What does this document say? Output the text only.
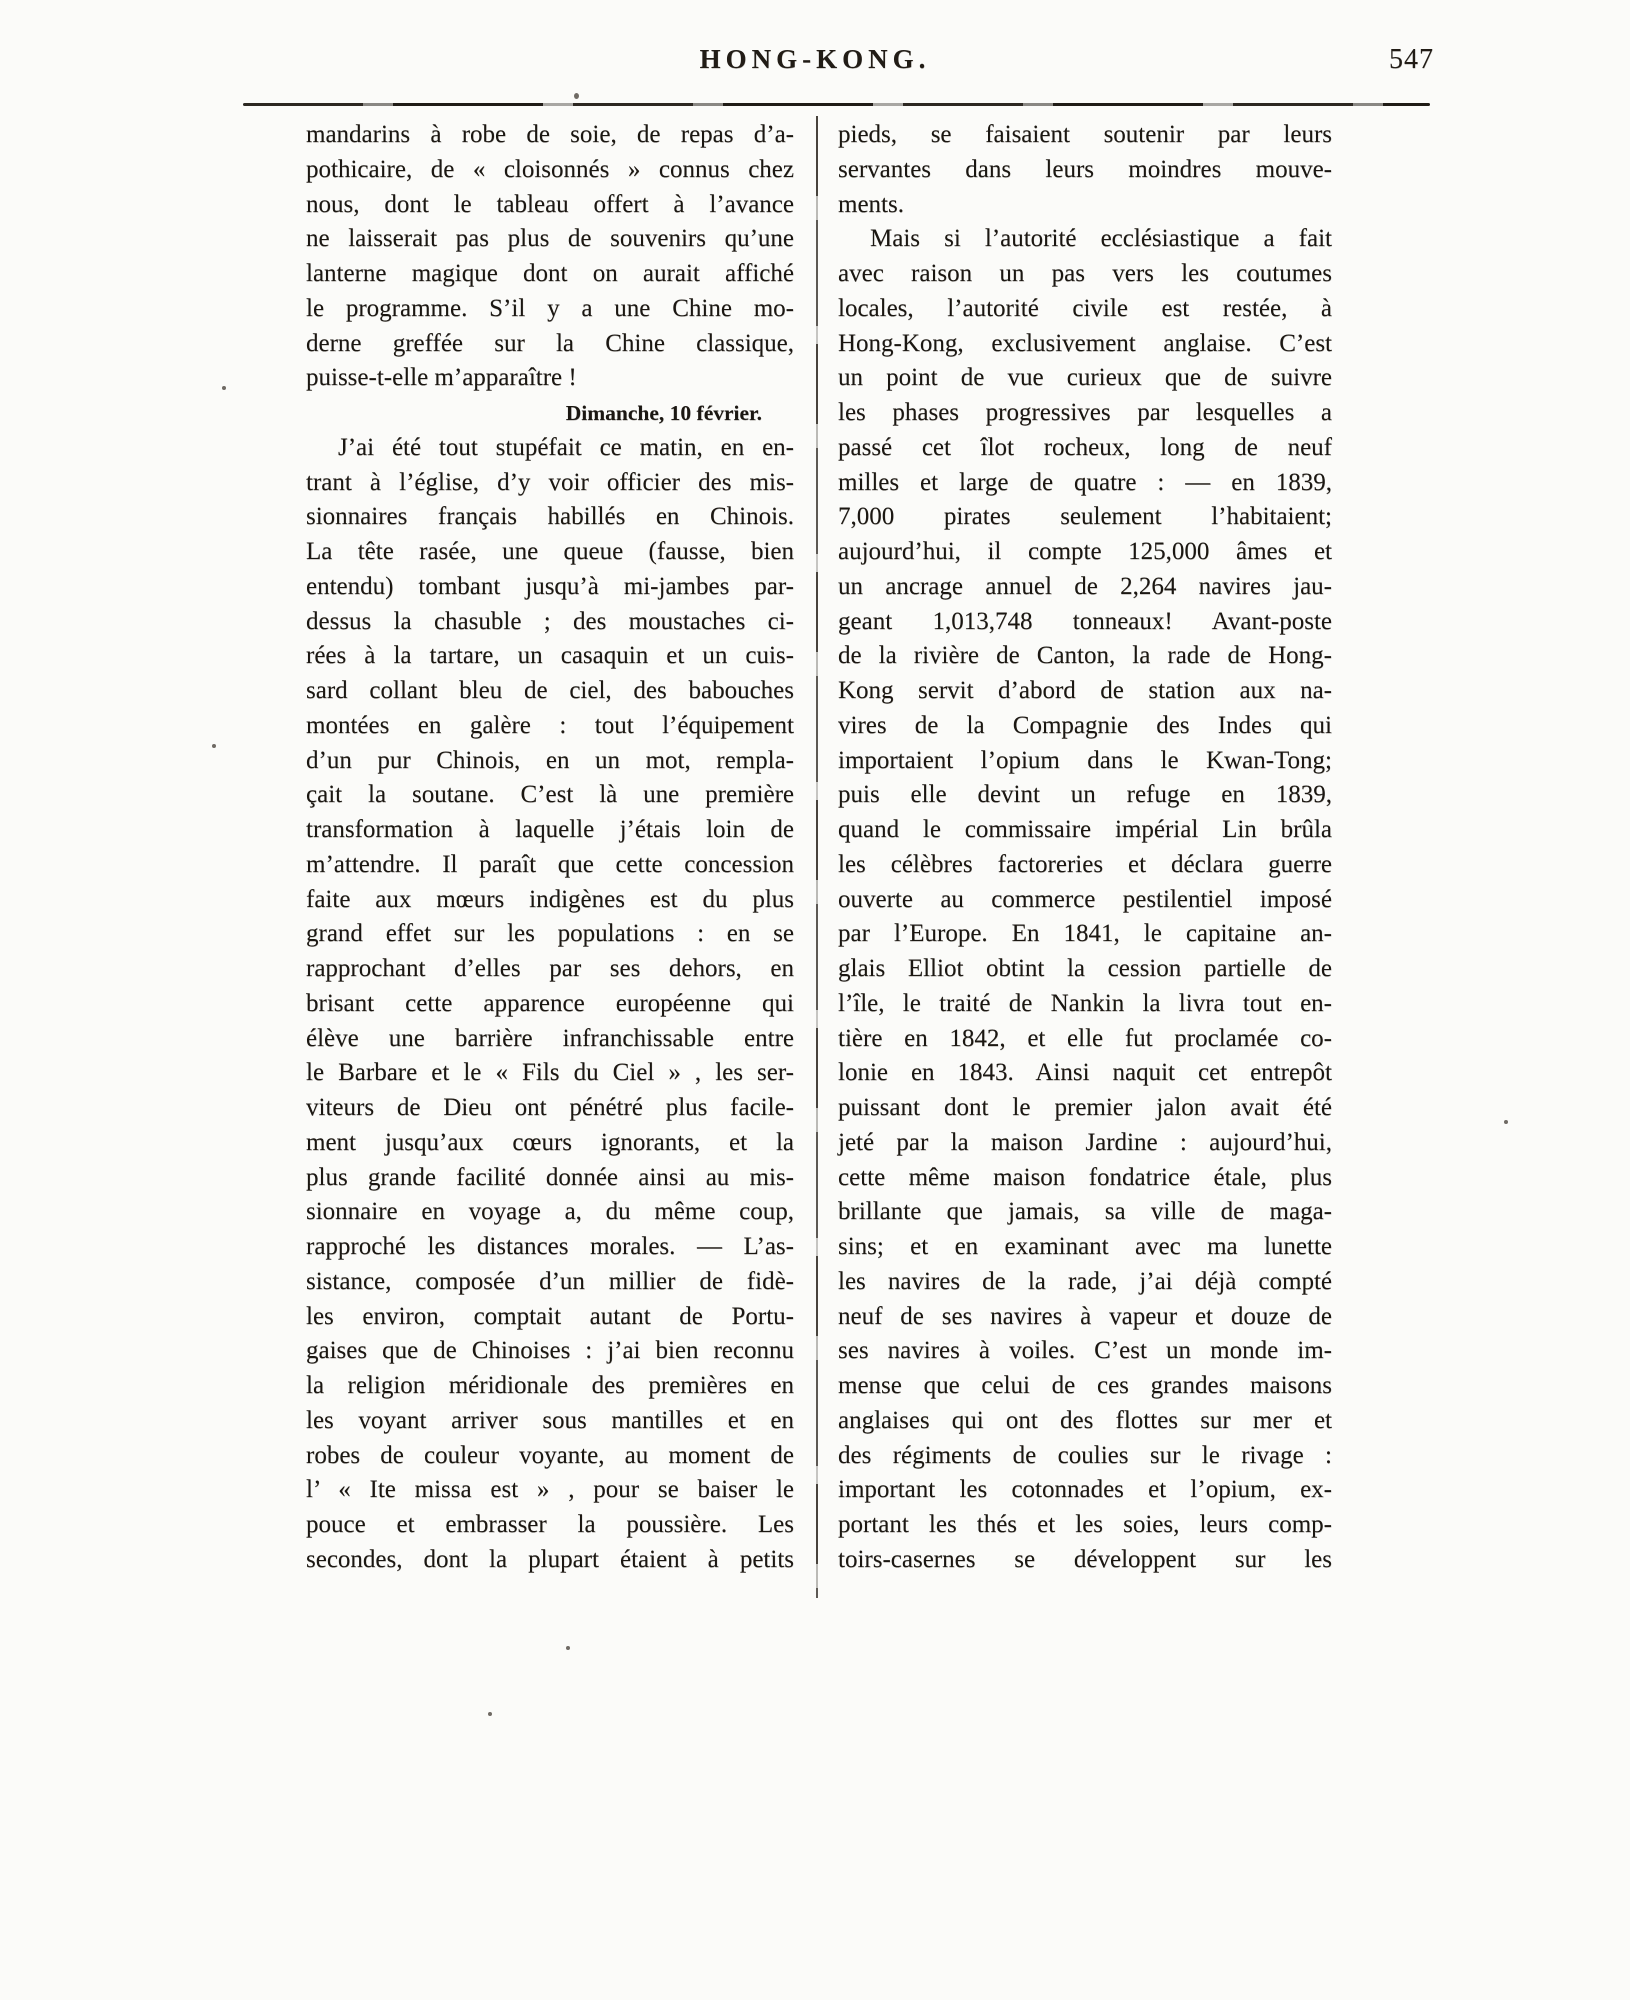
HONG-KONG.	547
mandarins à robe de soie, de repas d’a-
pothicaire, de « cloisonnés » connus chez
nous, dont le tableau offert à l’avance
ne laisserait pas plus de souvenirs qu’une
lanterne magique dont on aurait affiché
le programme. S’il y a une Chine mo-
derne greffée sur la Chine classique,
puisse-t-elle m’apparaître !
Dimanche, 10 février.
J’ai été tout stupéfait ce matin, en en-
trant à l’église, d’y voir officier des mis-
sionnaires français habillés en Chinois.
La tête rasée, une queue (fausse, bien
entendu) tombant jusqu’à mi-jambes par-
dessus la chasuble ; des moustaches ci-
rées à la tartare, un casaquin et un cuis-
sard collant bleu de ciel, des babouches
montées en galère : tout l’équipement
d’un pur Chinois, en un mot, rempla-
çait la soutane. C’est là une première
transformation à laquelle j’étais loin de
m’attendre. Il paraît que cette concession
faite aux mœurs indigènes est du plus
grand effet sur les populations : en se
rapprochant d’elles par ses dehors, en
brisant cette apparence européenne qui
élève une barrière infranchissable entre
le Barbare et le « Fils du Ciel » , les ser-
viteurs de Dieu ont pénétré plus facile-
ment jusqu’aux cœurs ignorants, et la
plus grande facilité donnée ainsi au mis-
sionnaire en voyage a, du même coup,
rapproché les distances morales. — L’as-
sistance, composée d’un millier de fidè-
les environ, comptait autant de Portu-
gaises que de Chinoises : j’ai bien reconnu
la religion méridionale des premières en
les voyant arriver sous mantilles et en
robes de couleur voyante, au moment de
l’ « Ite missa est » , pour se baiser le
pouce et embrasser la poussière. Les
secondes, dont la plupart étaient à petits
pieds, se faisaient soutenir par leurs
servantes dans leurs moindres mouve-
ments.
Mais si l’autorité ecclésiastique a fait
avec raison un pas vers les coutumes
locales, l’autorité civile est restée, à
Hong-Kong, exclusivement anglaise. C’est
un point de vue curieux que de suivre
les phases progressives par lesquelles a
passé cet îlot rocheux, long de neuf
milles et large de quatre : — en 1839,
7,000 pirates seulement l’habitaient;
aujourd’hui, il compte 125,000 âmes et
un ancrage annuel de 2,264 navires jau-
geant 1,013,748 tonneaux! Avant-poste
de la rivière de Canton, la rade de Hong-
Kong servit d’abord de station aux na-
vires de la Compagnie des Indes qui
importaient l’opium dans le Kwan-Tong;
puis elle devint un refuge en 1839,
quand le commissaire impérial Lin brûla
les célèbres factoreries et déclara guerre
ouverte au commerce pestilentiel imposé
par l’Europe. En 1841, le capitaine an-
glais Elliot obtint la cession partielle de
l’île, le traité de Nankin la livra tout en-
tière en 1842, et elle fut proclamée co-
lonie en 1843. Ainsi naquit cet entrepôt
puissant dont le premier jalon avait été
jeté par la maison Jardine : aujourd’hui,
cette même maison fondatrice étale, plus
brillante que jamais, sa ville de maga-
sins; et en examinant avec ma lunette
les navires de la rade, j’ai déjà compté
neuf de ses navires à vapeur et douze de
ses navires à voiles. C’est un monde im-
mense que celui de ces grandes maisons
anglaises qui ont des flottes sur mer et
des régiments de coulies sur le rivage :
important les cotonnades et l’opium, ex-
portant les thés et les soies, leurs comp-
toirs-casernes se développent sur les
